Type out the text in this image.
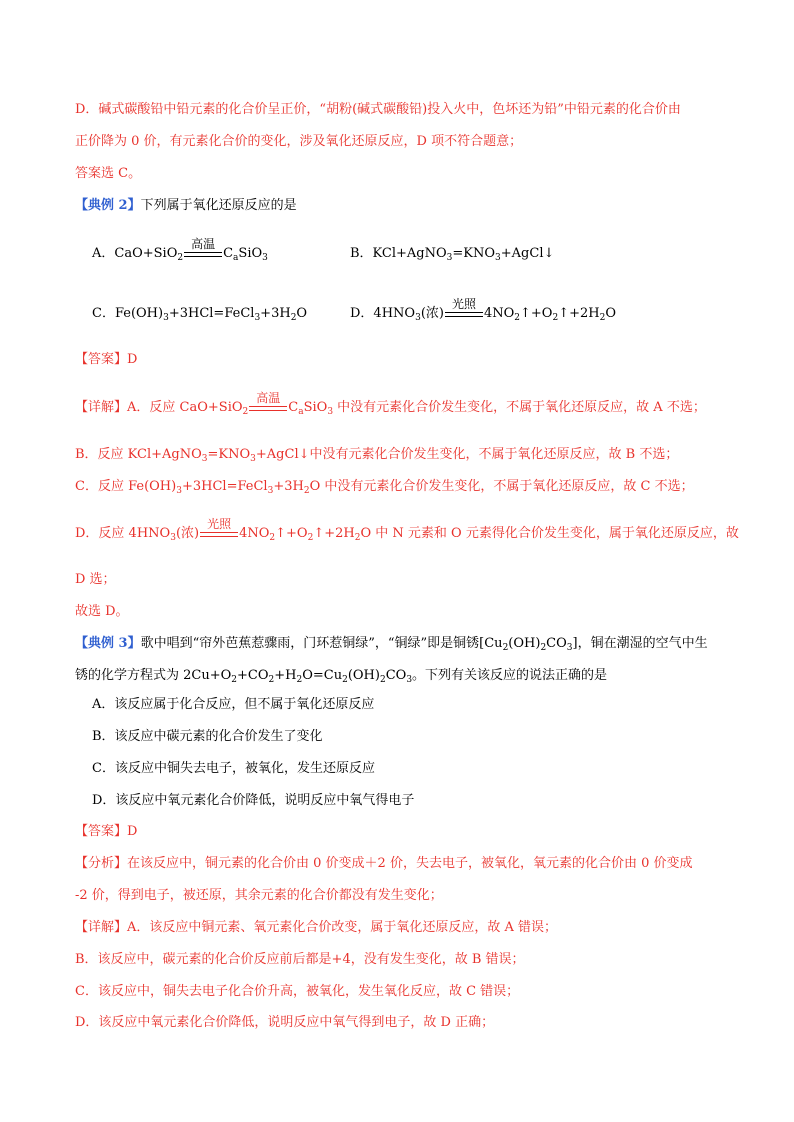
D．碱式碳酸铅中铅元素的化合价呈正价，“胡粉(碱式碳酸铅)投入火中，色坏还为铅”中铅元素的化合价由
正价降为 0 价，有元素化合价的变化，涉及氧化还原反应，D 项不符合题意；
答案选 C。
【典例 2】下列属于氧化还原反应的是
A．CaO+SiO$_2$
高温
$C_aSiO_3$	B．$KCl+AgNO_3=KNO_3+AgCl↓$
C．$Fe(OH)_3+3HCl=FeCl_3+3H_2O$	D．$4HNO_3$(浓)
光照
$4NO_2↑+O_2↑+2H_2O$
【答案】D
【详解】A．反应 CaO+SiO$_2$
高温
$C_aSiO_3$ 中没有元素化合价发生变化，不属于氧化还原反应，故 A 不选；
B．反应 $KCl+AgNO_3=KNO_3+AgCl↓$中没有元素化合价发生变化，不属于氧化还原反应，故 B 不选；
C．反应 $Fe(OH)_3+3HCl=FeCl_3+3H_2O$ 中没有元素化合价发生变化，不属于氧化还原反应，故 C 不选；
D．反应 $4HNO_3$(浓)
光照
$4NO_2↑+O_2↑+2H_2O$ 中 N 元素和 O 元素得化合价发生变化，属于氧化还原反应，故
D 选；
故选 D。
【典例 3】歌中唱到“帘外芭蕉惹骤雨，门环惹铜绿”，“铜绿”即是铜锈$[Cu_2(OH)_2CO_3]$，铜在潮湿的空气中生
锈的化学方程式为 $2Cu+O_2+CO_2+H_2O=Cu_2(OH)_2CO_3$。下列有关该反应的说法正确的是
A．该反应属于化合反应，但不属于氧化还原反应
B．该反应中碳元素的化合价发生了变化
C．该反应中铜失去电子，被氧化，发生还原反应
D．该反应中氧元素化合价降低，说明反应中氧气得电子
【答案】D
【分析】在该反应中，铜元素的化合价由 0 价变成＋2 价，失去电子，被氧化，氧元素的化合价由 0 价变成
-2 价，得到电子，被还原，其余元素的化合价都没有发生变化；
【详解】A．该反应中铜元素、氧元素化合价改变，属于氧化还原反应，故 A 错误；
B．该反应中，碳元素的化合价反应前后都是+4，没有发生变化，故 B 错误；
C．该反应中，铜失去电子化合价升高，被氧化，发生氧化反应，故 C 错误；
D．该反应中氧元素化合价降低，说明反应中氧气得到电子，故 D 正确；
